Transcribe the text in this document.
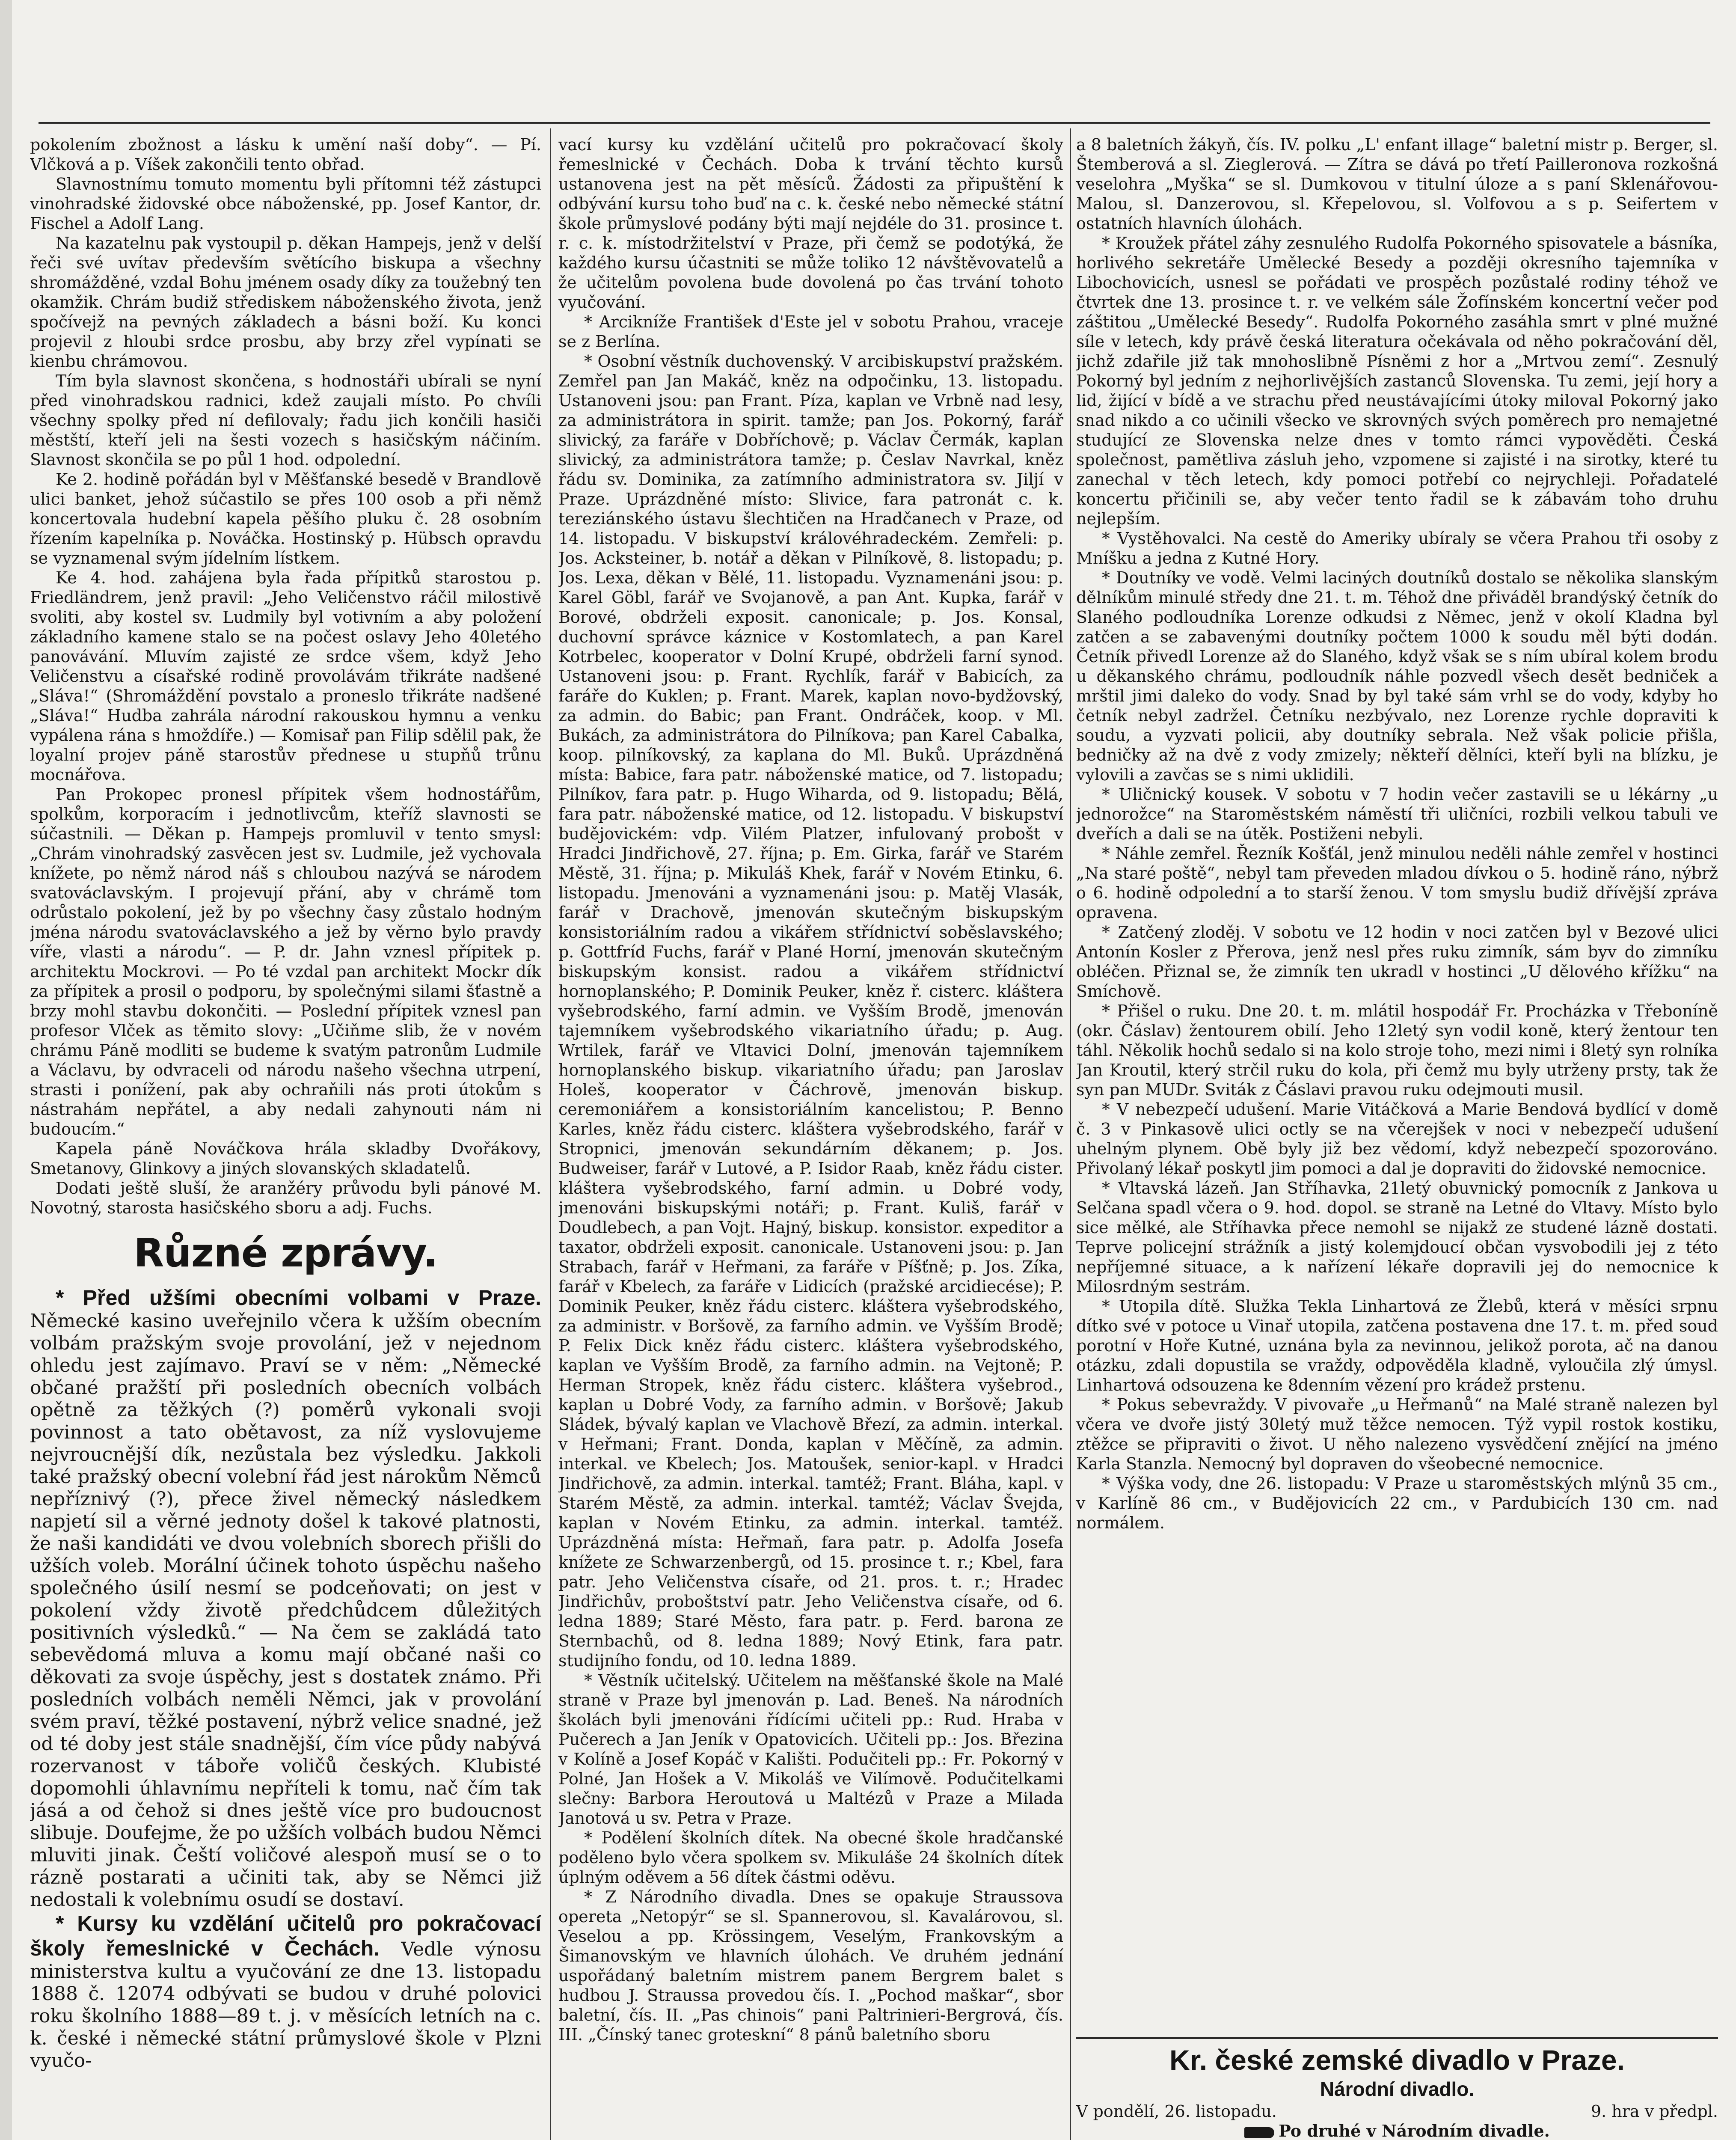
pokolením zbožnost a lásku k umění naší doby“. — Pí. Vlčková a p. Víšek zakončili tento obřad.

Slavnostnímu tomuto momentu byli přítomni též zástupci vinohradské židovské obce náboženské, pp. Josef Kantor, dr. Fischel a Adolf Lang.

Na kazatelnu pak vystoupil p. děkan Hampejs, jenž v delší řeči své uvítav především světícího biskupa a všechny shromážděné, vzdal Bohu jménem osady díky za toužebný ten okamžik. Chrám budiž střediskem náboženského života, jenž spočívejž na pevných základech a básni boží. Ku konci projevil z hloubi srdce prosbu, aby brzy zřel vypínati se kienbu chrámovou.

Tím byla slavnost skončena, s hodnostáři ubírali se nyní před vinohradskou radnici, kdež zaujali místo. Po chvíli všechny spolky před ní defilovaly; řadu jich končili hasiči městští, kteří jeli na šesti vozech s hasičským náčiním. Slavnost skončila se po půl 1 hod. odpolední.

Ke 2. hodině pořádán byl v Měšťanské besedě v Brandlově ulici banket, jehož súčastilo se přes 100 osob a při němž koncertovala hudební kapela pěšího pluku č. 28 osobním řízením kapelníka p. Nováčka. Hostinský p. Hübsch opravdu se vyznamenal svým jídelním lístkem.

Ke 4. hod. zahájena byla řada přípitků starostou p. Friedländrem, jenž pravil: „Jeho Veličenstvo ráčil milostivě svoliti, aby kostel sv. Ludmily byl votivním a aby položení základního kamene stalo se na počest oslavy Jeho 40letého panovávání. Mluvím zajisté ze srdce všem, když Jeho Veličenstvu a císařské rodině provolávám třikráte nadšené „Sláva!“ (Shromáždění povstalo a proneslo třikráte nadšené „Sláva!“ Hudba zahrála národní rakouskou hymnu a venku vypálena rána s hmoždíře.) — Komisař pan Filip sdělil pak, že loyalní projev páně starostův přednese u stupňů trůnu mocnářova.

Pan Prokopec pronesl přípitek všem hodnostářům, spolkům, korporacím i jednotlivcům, kteříž slavnosti se súčastnili. — Děkan p. Hampejs promluvil v tento smysl: „Chrám vinohradský zasvěcen jest sv. Ludmile, jež vychovala knížete, po němž národ náš s chloubou nazývá se národem svatováclavským. I projevují přání, aby v chrámě tom odrůstalo pokolení, jež by po všechny časy zůstalo hodným jména národu svatováclavského a jež by věrno bylo pravdy víře, vlasti a národu“. — P. dr. Jahn vznesl přípitek p. architektu Mockrovi. — Po té vzdal pan architekt Mockr dík za přípitek a prosil o podporu, by společnými silami šťastně a brzy mohl stavbu dokončiti. — Poslední přípitek vznesl pan profesor Vlček as těmito slovy: „Učiňme slib, že v novém chrámu Páně modliti se budeme k svatým patronům Ludmile a Václavu, by odvraceli od národu našeho všechna utrpení, strasti i ponížení, pak aby ochraňili nás proti útokům s nástrahám nepřátel, a aby nedali zahynouti nám ni budoucím.“

Kapela páně Nováčkova hrála skladby Dvořákovy, Smetanovy, Glinkovy a jiných slovanských skladatelů.

Dodati ještě sluší, že aranžéry průvodu byli pánové M. Novotný, starosta hasičského sboru a adj. Fuchs.

Různé zprávy.

* Před užšími obecními volbami v Praze. Německé kasino uveřejnilo včera k užším obecním volbám pražským svoje provolání, jež v nejednom ohledu jest zajímavo. Praví se v něm: „Německé občané pražští při posledních obecních volbách opětně za těžkých (?) poměrů vykonali svoji povinnost a tato obětavost, za níž vyslovujeme nejvroucnější dík, nezůstala bez výsledku. Jakkoli také pražský obecní volební řád jest nárokům Němců nepříznivý (?), přece živel německý následkem napjetí sil a věrné jednoty došel k takové platnosti, že naši kandidáti ve dvou volebních sborech přišli do užších voleb. Morální účinek tohoto úspěchu našeho společného úsilí nesmí se podceňovati; on jest v pokolení vždy životě předchůdcem důležitých positivních výsledků.“ — Na čem se zakládá tato sebevědomá mluva a komu mají občané naši co děkovati za svoje úspěchy, jest s dostatek známo. Při posledních volbách neměli Němci, jak v provolání svém praví, těžké postavení, nýbrž velice snadné, jež od té doby jest stále snadnější, čím více půdy nabývá rozervanost v táboře voličů českých. Klubisté dopomohli úhlavnímu nepříteli k tomu, nač čím tak jásá a od čehož si dnes ještě více pro budoucnost slibuje. Doufejme, že po užších volbách budou Němci mluviti jinak. Čeští voličové alespoň musí se o to rázně postarati a učiniti tak, aby se Němci již nedostali k volebnímu osudí se dostaví.

* Kursy ku vzdělání učitelů pro pokračovací školy řemeslnické v Čechách. Vedle výnosu ministerstva kultu a vyučování ze dne 13. listopadu 1888 č. 12074 odbývati se budou v druhé polovici roku školního 1888—89 t. j. v měsících letních na c. k. české i německé státní průmyslové škole v Plzni vyučo-

vací kursy ku vzdělání učitelů pro pokračovací školy řemeslnické v Čechách. Doba k trvání těchto kursů ustanovena jest na pět měsíců. Žádosti za připuštění k odbývání kursu toho buď na c. k. české nebo německé státní škole průmyslové podány býti mají nejdéle do 31. prosince t. r. c. k. místodržitelství v Praze, při čemž se podotýká, že každého kursu účastniti se může toliko 12 návštěvovatelů a že učitelům povolena bude dovolená po čas trvání tohoto vyučování.

* Arcikníže František d'Este jel v sobotu Prahou, vraceje se z Berlína.

* Osobní věstník duchovenský. V arcibiskupství pražském. Zemřel pan Jan Makáč, kněz na odpočinku, 13. listopadu. Ustanoveni jsou: pan Frant. Píza, kaplan ve Vrbně nad lesy, za administrátora in spirit. tamže; pan Jos. Pokorný, farář slivický, za faráře v Dobříchově; p. Václav Čermák, kaplan slivický, za administrátora tamže; p. Česlav Navrkal, kněz řádu sv. Dominika, za zatímního administratora sv. Jiljí v Praze. Uprázdněné místo: Slivice, fara patronát c. k. tereziánského ústavu šlechtičen na Hradčanech v Praze, od 14. listopadu. V biskupství královéhradeckém. Zemřeli: p. Jos. Acksteiner, b. notář a děkan v Pilníkově, 8. listopadu; p. Jos. Lexa, děkan v Bělé, 11. listopadu. Vyznamenáni jsou: p. Karel Göbl, farář ve Svojanově, a pan Ant. Kupka, farář v Borové, obdrželi exposit. canonicale; p. Jos. Konsal, duchovní správce káznice v Kostomlatech, a pan Karel Kotrbelec, kooperator v Dolní Krupé, obdrželi farní synod. Ustanoveni jsou: p. Frant. Rychlík, farář v Babicích, za faráře do Kuklen; p. Frant. Marek, kaplan novo-bydžovský, za admin. do Babic; pan Frant. Ondráček, koop. v Ml. Bukách, za administrátora do Pilníkova; pan Karel Cabalka, koop. pilníkovský, za kaplana do Ml. Buků. Uprázdněná místa: Babice, fara patr. náboženské matice, od 7. listopadu; Pilníkov, fara patr. p. Hugo Wiharda, od 9. listopadu; Bělá, fara patr. náboženské matice, od 12. listopadu. V biskupství budějovickém: vdp. Vilém Platzer, infulovaný probošt v Hradci Jindřichově, 27. října; p. Em. Girka, farář ve Starém Městě, 31. října; p. Mikuláš Khek, farář v Novém Etinku, 6. listopadu. Jmenováni a vyznamenáni jsou: p. Matěj Vlasák, farář v Drachově, jmenován skutečným biskupským konsistoriálním radou a vikářem střídnictví soběslavského; p. Gottfríd Fuchs, farář v Plané Horní, jmenován skutečným biskupským konsist. radou a vikářem střídnictví hornoplanského; P. Dominik Peuker, kněz ř. cisterc. kláštera vyšebrodského, farní admin. ve Vyšším Brodě, jmenován tajemníkem vyšebrodského vikariatního úřadu; p. Aug. Wrtilek, farář ve Vltavici Dolní, jmenován tajemníkem hornoplanského biskup. vikariatního úřadu; pan Jaroslav Holeš, kooperator v Čáchrově, jmenován biskup. ceremoniářem a konsistoriálním kancelistou; P. Benno Karles, kněz řádu cisterc. kláštera vyšebrodského, farář v Stropnici, jmenován sekundárním děkanem; p. Jos. Budweiser, farář v Lutové, a P. Isidor Raab, kněz řádu cister. kláštera vyšebrodského, farní admin. u Dobré vody, jmenováni biskupskými notáři; p. Frant. Kuliš, farář v Doudlebech, a pan Vojt. Hajný, biskup. konsistor. expeditor a taxator, obdrželi exposit. canonicale. Ustanoveni jsou: p. Jan Strabach, farář v Heřmani, za faráře v Píšťně; p. Jos. Zíka, farář v Kbelech, za faráře v Lidicích (pražské arcidiecése); P. Dominik Peuker, kněz řádu cisterc. kláštera vyšebrodského, za administr. v Boršově, za farního admin. ve Vyšším Brodě; P. Felix Dick kněz řádu cisterc. kláštera vyšebrodského, kaplan ve Vyšším Brodě, za farního admin. na Vejtoně; P. Herman Stropek, kněz řádu cisterc. kláštera vyšebrod., kaplan u Dobré Vody, za farního admin. v Boršově; Jakub Sládek, bývalý kaplan ve Vlachově Březí, za admin. interkal. v Heřmani; Frant. Donda, kaplan v Měčíně, za admin. interkal. ve Kbelech; Jos. Matoušek, senior-kapl. v Hradci Jindřichově, za admin. interkal. tamtéž; Frant. Bláha, kapl. v Starém Městě, za admin. interkal. tamtéž; Václav Švejda, kaplan v Novém Etinku, za admin. interkal. tamtéž. Uprázdněná místa: Heřmaň, fara patr. p. Adolfa Josefa knížete ze Schwarzenbergů, od 15. prosince t. r.; Kbel, fara patr. Jeho Veličenstva císaře, od 21. pros. t. r.; Hradec Jindřichův, proboštství patr. Jeho Veličenstva císaře, od 6. ledna 1889; Staré Město, fara patr. p. Ferd. barona ze Sternbachů, od 8. ledna 1889; Nový Etink, fara patr. studijního fondu, od 10. ledna 1889.

* Věstník učitelský. Učitelem na měšťanské škole na Malé straně v Praze byl jmenován p. Lad. Beneš. Na národních školách byli jmenováni řídícími učiteli pp.: Rud. Hraba v Pučerech a Jan Jeník v Opatovicích. Učiteli pp.: Jos. Březina v Kolíně a Josef Kopáč v Kališti. Podučiteli pp.: Fr. Pokorný v Polné, Jan Hošek a V. Mikoláš ve Vilímově. Podučitelkami slečny: Barbora Heroutová u Maltézů v Praze a Milada Janotová u sv. Petra v Praze.

* Podělení školních dítek. Na obecné škole hradčanské poděleno bylo včera spolkem sv. Mikuláše 24 školních dítek úplným oděvem a 56 dítek částmi oděvu.

* Z Národního divadla. Dnes se opakuje Straussova opereta „Netopýr“ se sl. Spannerovou, sl. Kavalárovou, sl. Veselou a pp. Krössingem, Veselým, Frankovským a Šimanovským ve hlavních úlohách. Ve druhém jednání uspořádaný baletním mistrem panem Bergrem balet s hudbou J. Straussa provedou čís. I. „Pochod maškar“, sbor baletní, čís. II. „Pas chinois“ pani Paltrinieri-Bergrová, čís. III. „Čínský tanec groteskní“ 8 pánů baletního sboru

a 8 baletních žákyň, čís. IV. polku „L' enfant illage“ baletní mistr p. Berger, sl. Štemberová a sl. Zieglerová. — Zítra se dává po třetí Pailleronova rozkošná veselohra „Myška“ se sl. Dumkovou v titulní úloze a s paní Sklenářovou-Malou, sl. Danzerovou, sl. Křepelovou, sl. Volfovou a s p. Seifertem v ostatních hlavních úlohách.

* Kroužek přátel záhy zesnulého Rudolfa Pokorného spisovatele a básníka, horlivého sekretáře Umělecké Besedy a později okresního tajemníka v Libochovicích, usnesl se pořádati ve prospěch pozůstalé rodiny téhož ve čtvrtek dne 13. prosince t. r. ve velkém sále Žofínském koncertní večer pod záštitou „Umělecké Besedy“. Rudolfa Pokorného zasáhla smrt v plné mužné síle v letech, kdy právě česká literatura očekávala od něho pokračování děl, jichž zdařile již tak mnohoslibně Písněmi z hor a „Mrtvou zemí“. Zesnulý Pokorný byl jedním z nejhorlivějších zastanců Slovenska. Tu zemi, její hory a lid, žijící v bídě a ve strachu před neustávajícími útoky miloval Pokorný jako snad nikdo a co učinili všecko ve skrovných svých poměrech pro nemajetné studující ze Slovenska nelze dnes v tomto rámci vypověděti. Česká společnost, pamětliva zásluh jeho, vzpomene si zajisté i na sirotky, které tu zanechal v těch letech, kdy pomoci potřebí co nejrychleji. Pořadatelé koncertu přičinili se, aby večer tento řadil se k zábavám toho druhu nejlepším.

* Vystěhovalci. Na cestě do Ameriky ubíraly se včera Prahou tři osoby z Mníšku a jedna z Kutné Hory.

* Doutníky ve vodě. Velmi laciných doutníků dostalo se několika slanským dělníkům minulé středy dne 21. t. m. Téhož dne přiváděl brandýský četník do Slaného podloudníka Lorenze odkudsi z Němec, jenž v okolí Kladna byl zatčen a se zabavenými doutníky počtem 1000 k soudu měl býti dodán. Četník přivedl Lorenze až do Slaného, když však se s ním ubíral kolem brodu u děkanského chrámu, podloudník náhle pozvedl všech desět bedniček a mrštil jimi daleko do vody. Snad by byl také sám vrhl se do vody, kdyby ho četník nebyl zadržel. Četníku nezbývalo, nez Lorenze rychle dopraviti k soudu, a vyzvati policii, aby doutníky sebrala. Než však policie přišla, bedničky až na dvě z vody zmizely; někteří dělníci, kteří byli na blízku, je vylovili a zavčas se s nimi uklidili.

* Uličnický kousek. V sobotu v 7 hodin večer zastavili se u lékárny „u jednorožce“ na Staroměstském náměstí tři uličníci, rozbili velkou tabuli ve dveřích a dali se na útěk. Postiženi nebyli.

* Náhle zemřel. Řezník Košťál, jenž minulou neděli náhle zemřel v hostinci „Na staré poště“, nebyl tam převeden mladou dívkou o 5. hodině ráno, nýbrž o 6. hodině odpolední a to starší ženou. V tom smyslu budiž dřívější zpráva opravena.

* Zatčený zloděj. V sobotu ve 12 hodin v noci zatčen byl v Bezové ulici Antonín Kosler z Přerova, jenž nesl přes ruku zimník, sám byv do zimníku obléčen. Přiznal se, že zimník ten ukradl v hostinci „U dělového křížku“ na Smíchově.

* Přišel o ruku. Dne 20. t. m. mlátil hospodář Fr. Procházka v Třeboníně (okr. Čáslav) žentourem obilí. Jeho 12letý syn vodil koně, který žentour ten táhl. Několik hochů sedalo si na kolo stroje toho, mezi nimi i 8letý syn rolníka Jan Kroutil, který strčil ruku do kola, při čemž mu byly utrženy prsty, tak že syn pan MUDr. Sviták z Čáslavi pravou ruku odejmouti musil.

* V nebezpečí udušení. Marie Vitáčková a Marie Bendová bydlící v domě č. 3 v Pinkasově ulici octly se na včerejšek v noci v nebezpečí udušení uhelným plynem. Obě byly již bez vědomí, když nebezpečí spozorováno. Přivolaný lékař poskytl jim pomoci a dal je dopraviti do židovské nemocnice.

* Vltavská lázeň. Jan Stříhavka, 21letý obuvnický pomocník z Jankova u Selčana spadl včera o 9. hod. dopol. se straně na Letné do Vltavy. Místo bylo sice mělké, ale Stříhavka přece nemohl se nijakž ze studené lázně dostati. Teprve policejní strážník a jistý kolemjdoucí občan vysvobodili jej z této nepříjemné situace, a k nařízení lékaře dopravili jej do nemocnice k Milosrdným sestrám.

* Utopila dítě. Služka Tekla Linhartová ze Žlebů, která v měsíci srpnu dítko své v potoce u Vinař utopila, zatčena postavena dne 17. t. m. před soud porotní v Hoře Kutné, uznána byla za nevinnou, jelikož porota, ač na danou otázku, zdali dopustila se vraždy, odpověděla kladně, vyloučila zlý úmysl. Linhartová odsouzena ke 8denním vězení pro krádež prstenu.

* Pokus sebevraždy. V pivovaře „u Heřmanů“ na Malé straně nalezen byl včera ve dvoře jistý 30letý muž těžce nemocen. Týž vypil rostok kostiku, ztěžce se připraviti o život. U něho nalezeno vysvědčení znějící na jméno Karla Stanzla. Nemocný byl dopraven do všeobecné nemocnice.

* Výška vody, dne 26. listopadu: V Praze u staroměstských mlýnů 35 cm., v Karlíně 86 cm., v Budějovicích 22 cm., v Pardubicích 130 cm. nad normálem.

Kr. české zemské divadlo v Praze.
Národní divadlo.
V pondělí, 26. listopadu.	9. hra v předpl.
Po druhé v Národním divadle.
